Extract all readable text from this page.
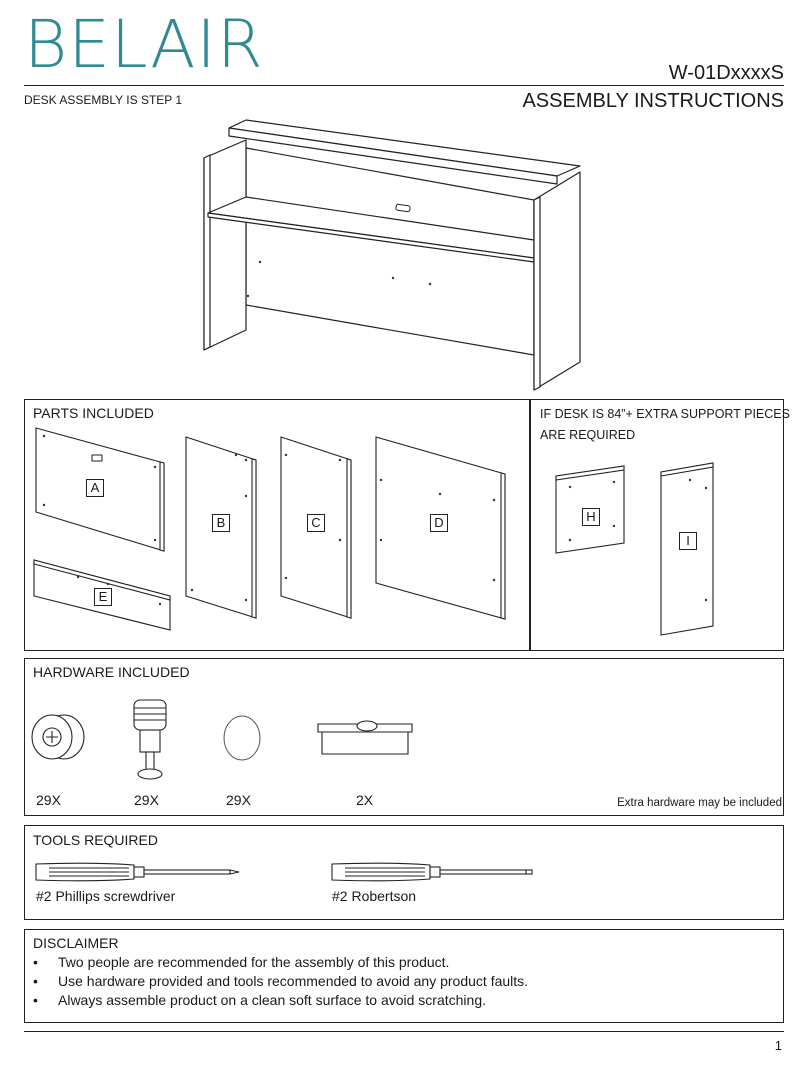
BELAIR	W-01DxxxxS
DESK ASSEMBLY IS STEP 1	ASSEMBLY INSTRUCTIONS
PARTS INCLUDED	IF DESK IS 84”+ EXTRA SUPPORT PIECES
ARE REQUIRED
A
B	C	D
E
H
I
HARDWARE INCLUDED
29X	29X	29X	2X	Extra hardware may be included
TOOLS REQUIRED
#2 Phillips screwdriver	#2 Robertson
DISCLAIMER
• Two people are recommended for the assembly of this product.
• Use hardware provided and tools recommended to avoid any product faults.
• Always assemble product on a clean soft surface to avoid scratching.
1
